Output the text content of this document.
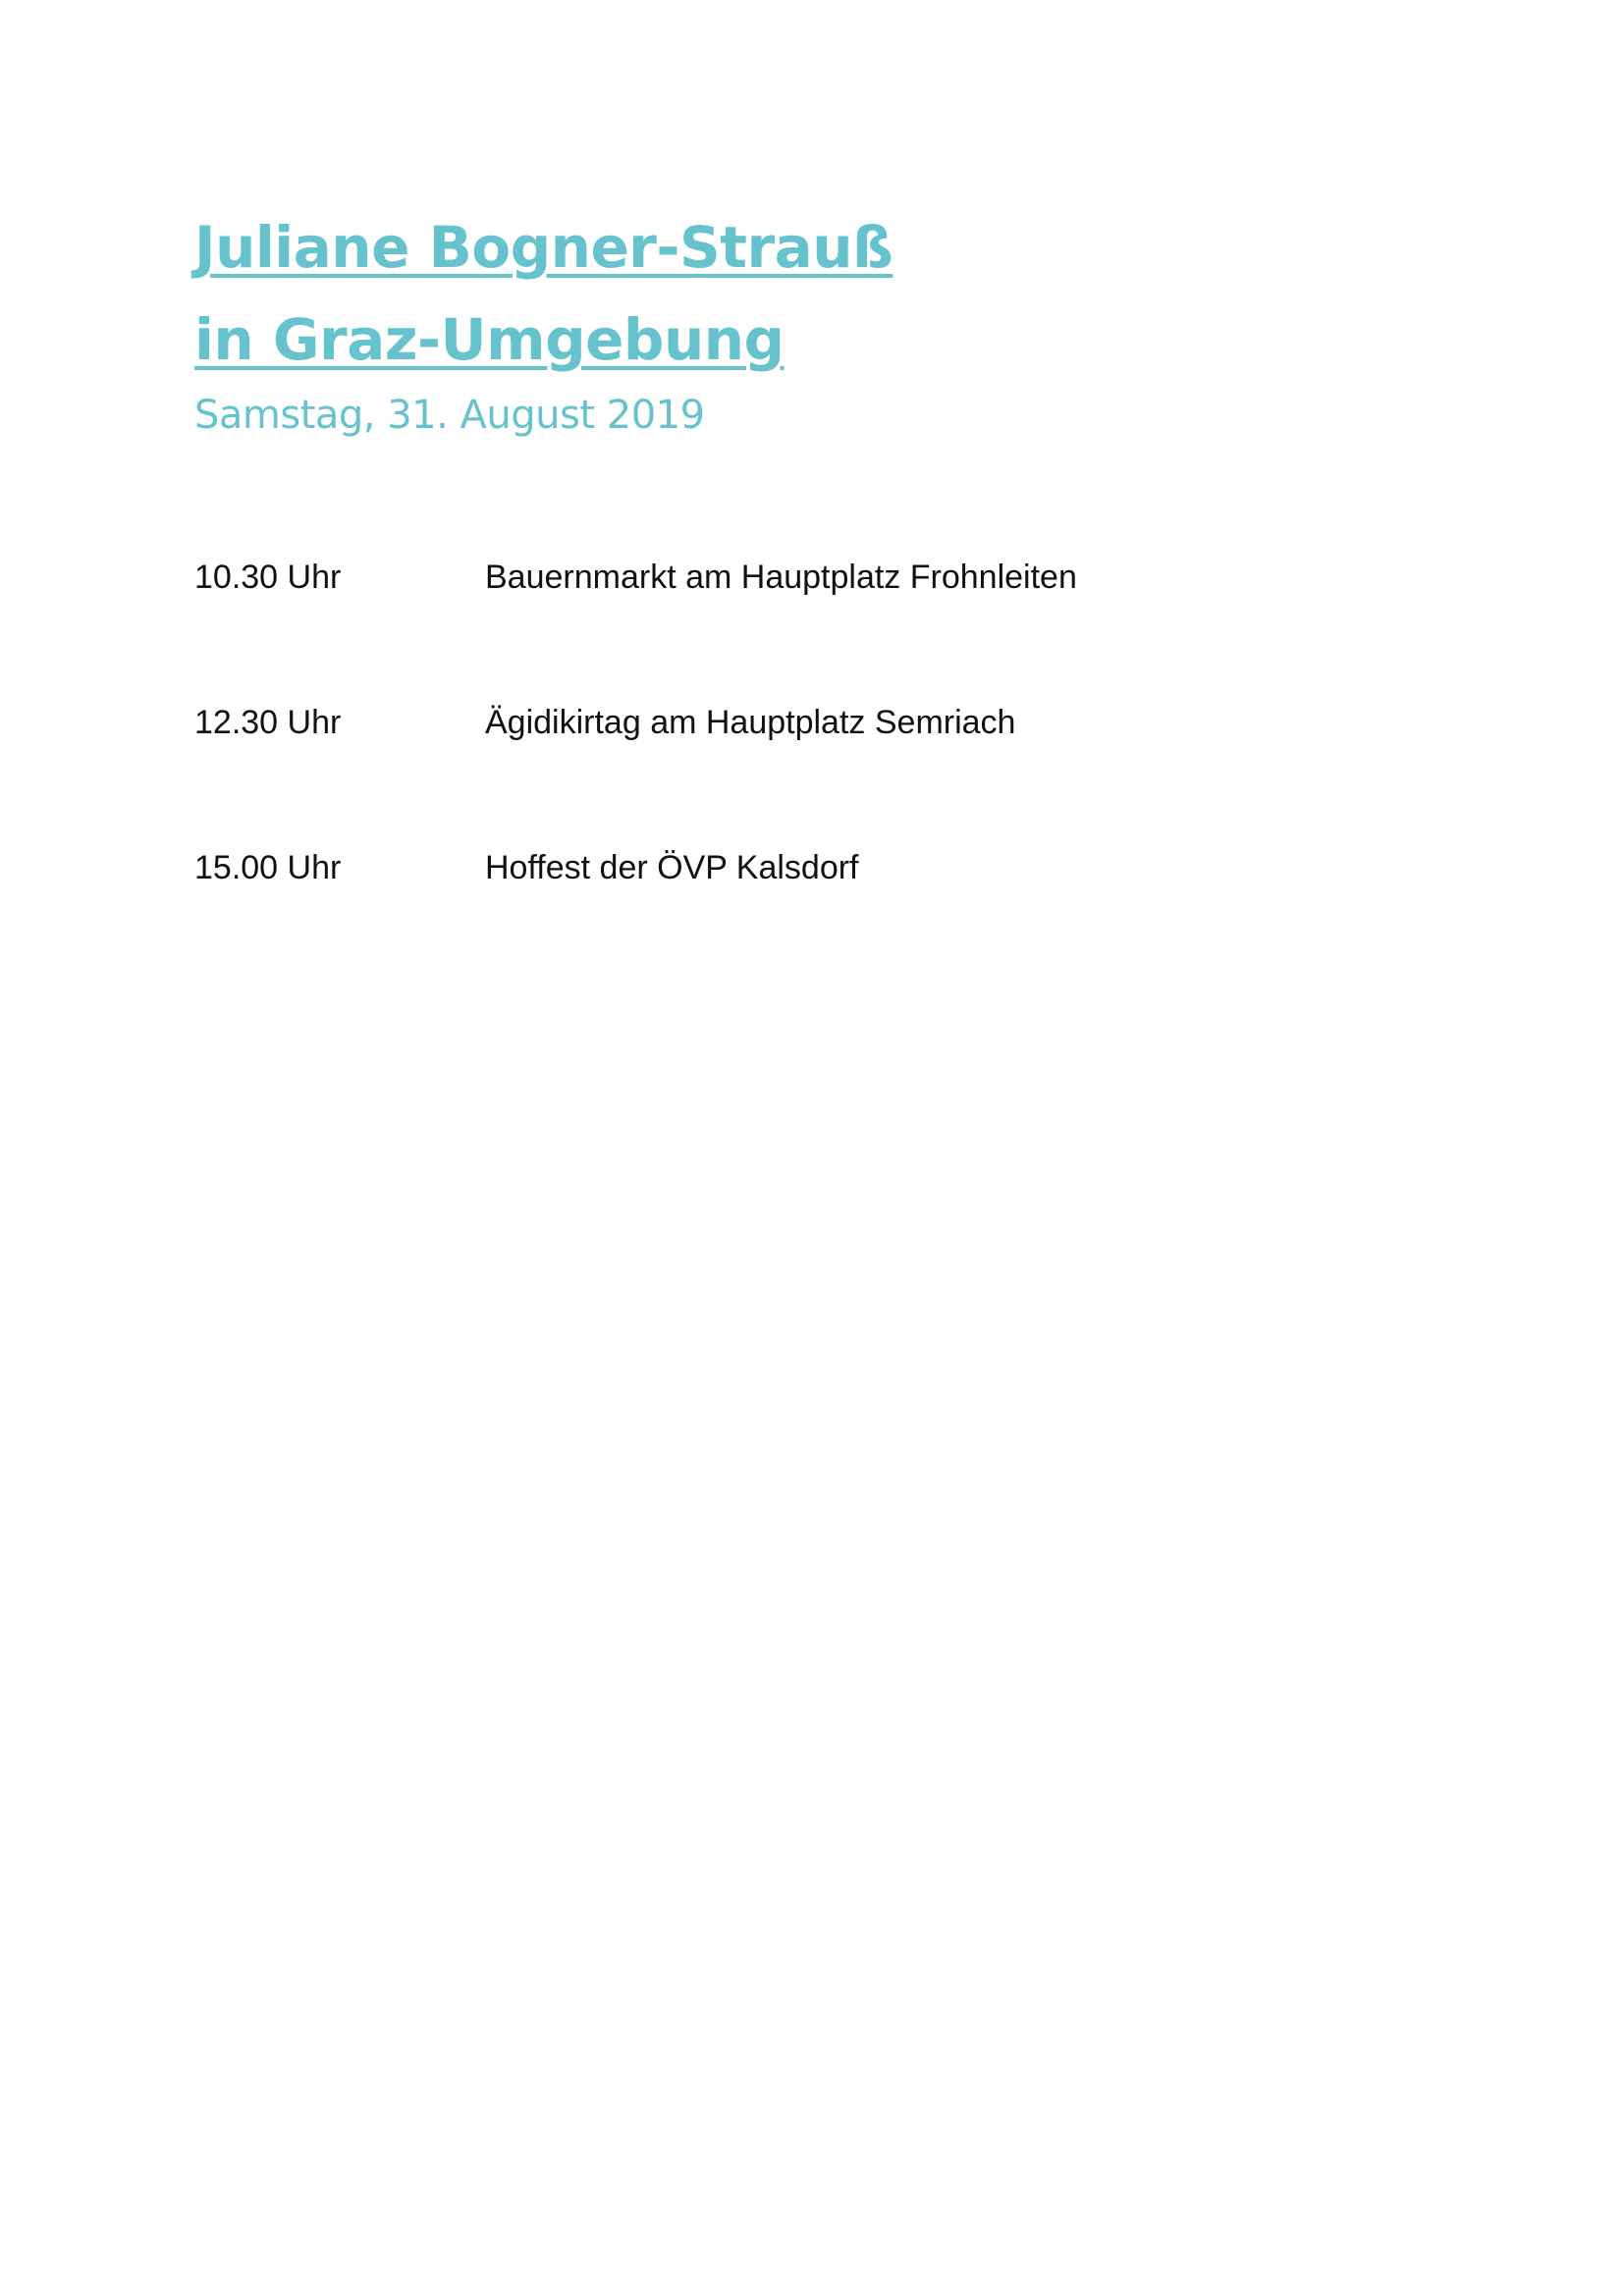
Juliane Bogner-Strauß
in Graz-Umgebung
Samstag, 31. August 2019
10.30 Uhr	Bauernmarkt am Hauptplatz Frohnleiten
12.30 Uhr	Ägidikirtag am Hauptplatz Semriach
15.00 Uhr	Hoffest der ÖVP Kalsdorf
